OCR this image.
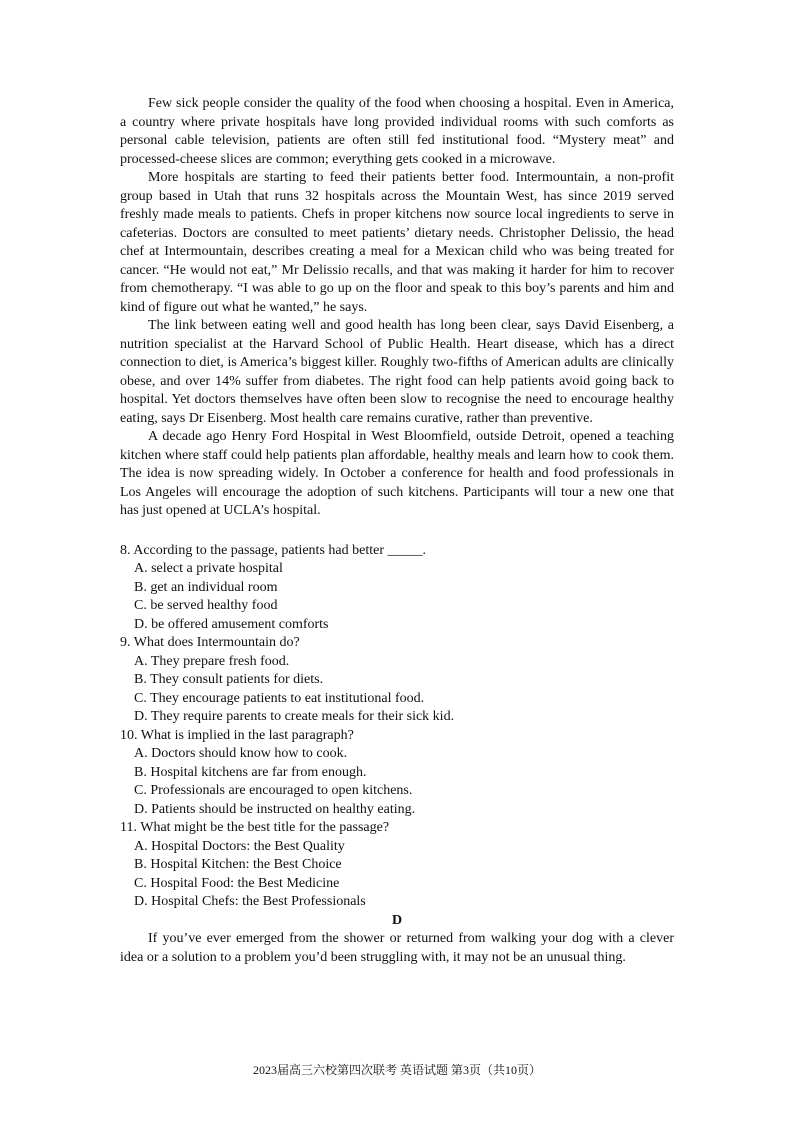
Few sick people consider the quality of the food when choosing a hospital. Even in America, a country where private hospitals have long provided individual rooms with such comforts as personal cable television, patients are often still fed institutional food. “Mystery meat” and processed-cheese slices are common; everything gets cooked in a microwave.

More hospitals are starting to feed their patients better food. Intermountain, a non-profit group based in Utah that runs 32 hospitals across the Mountain West, has since 2019 served freshly made meals to patients. Chefs in proper kitchens now source local ingredients to serve in cafeterias. Doctors are consulted to meet patients’ dietary needs. Christopher Delissio, the head chef at Intermountain, describes creating a meal for a Mexican child who was being treated for cancer. “He would not eat,” Mr Delissio recalls, and that was making it harder for him to recover from chemotherapy. “I was able to go up on the floor and speak to this boy’s parents and him and kind of figure out what he wanted,” he says.

The link between eating well and good health has long been clear, says David Eisenberg, a nutrition specialist at the Harvard School of Public Health. Heart disease, which has a direct connection to diet, is America’s biggest killer. Roughly two-fifths of American adults are clinically obese, and over 14% suffer from diabetes. The right food can help patients avoid going back to hospital. Yet doctors themselves have often been slow to recognise the need to encourage healthy eating, says Dr Eisenberg. Most health care remains curative, rather than preventive.

A decade ago Henry Ford Hospital in West Bloomfield, outside Detroit, opened a teaching kitchen where staff could help patients plan affordable, healthy meals and learn how to cook them. The idea is now spreading widely. In October a conference for health and food professionals in Los Angeles will encourage the adoption of such kitchens. Participants will tour a new one that has just opened at UCLA’s hospital.

8. According to the passage, patients had better _____.

A. select a private hospital

B. get an individual room

C. be served healthy food

D. be offered amusement comforts

9. What does Intermountain do?

A. They prepare fresh food.

B. They consult patients for diets.

C. They encourage patients to eat institutional food.

D. They require parents to create meals for their sick kid.

10. What is implied in the last paragraph?

A. Doctors should know how to cook.

B. Hospital kitchens are far from enough.

C. Professionals are encouraged to open kitchens.

D. Patients should be instructed on healthy eating.

11. What might be the best title for the passage?

A. Hospital Doctors: the Best Quality

B. Hospital Kitchen: the Best Choice

C. Hospital Food: the Best Medicine

D. Hospital Chefs: the Best Professionals

D

If you’ve ever emerged from the shower or returned from walking your dog with a clever idea or a solution to a problem you’d been struggling with, it may not be an unusual thing.

2023届高三六校第四次联考 英语试题 第3页（共10页）
